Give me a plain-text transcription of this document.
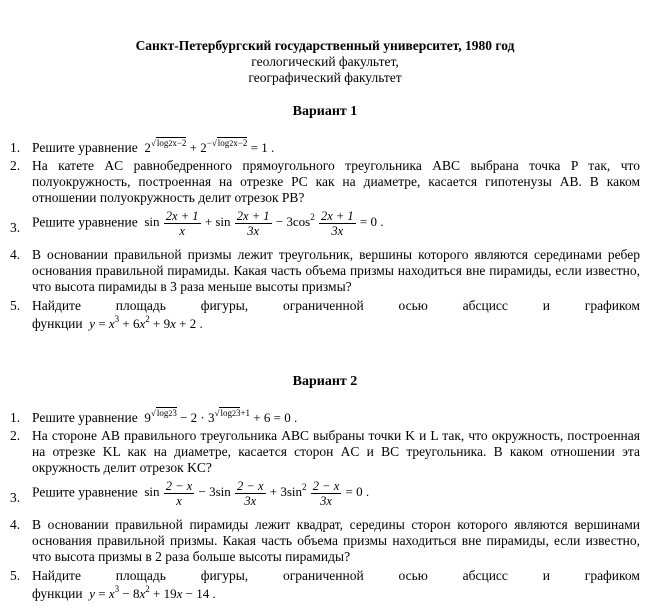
Санкт-Петербургский государственный университет, 1980 год
геологический факультет,
географический факультет
Вариант 1
1. Решите уравнение  $2^{√log2x-2} + 2^{-√log2x-2} = 1$ .
2. На катете AC равнобедренного прямоугольного треугольника ABC выбрана точка P так, что полуокружность, построенная на отрезке PC как на диаметре, касается гипотенузы AB. В каком отношении полуокружность делит отрезок PB?
3. Решите уравнение  $\sin \frac{2x + 1}{x} + \sin \frac{2x + 1}{3x} - 3\cos^2 \frac{2x + 1}{3x} = 0$ .
4. В основании правильной призмы лежит треугольник, вершины которого являются серединами ребер основания правильной пирамиды. Какая часть объема призмы находиться вне пирамиды, если известно, что высота пирамиды в 3 раза меньше высоты призмы?
5. Найдите	площадь	фигуры,	ограниченной	осью	абсцисс	и	графиком
функции $y = x^3 + 6x^2 + 9x + 2$ .
Вариант 2
1. Решите уравнение  $9^{√log23} - 2 \cdot 3^{√log23+1} + 6 = 0$ .
2. На стороне AB правильного треугольника ABC выбраны точки K и L так, что окружность, построенная на отрезке KL как на диаметре, касается сторон AC и BC треугольника. В каком отношении эта окружность делит отрезок KC?
3. Решите уравнение  $\sin \frac{2 - x}{x} - 3\sin \frac{2 - x}{3x} + 3\sin^2 \frac{2 - x}{3x} = 0$ .
4. В основании правильной пирамиды лежит квадрат, середины сторон которого являются вершинами основания правильной призмы. Какая часть объема призмы находиться вне пирамиды, если известно, что высота призмы в 2 раза больше высоты пирамиды?
5. Найдите	площадь	фигуры,	ограниченной	осью	абсцисс	и	графиком
функции $y = x^3 - 8x^2 + 19x - 14$ .
